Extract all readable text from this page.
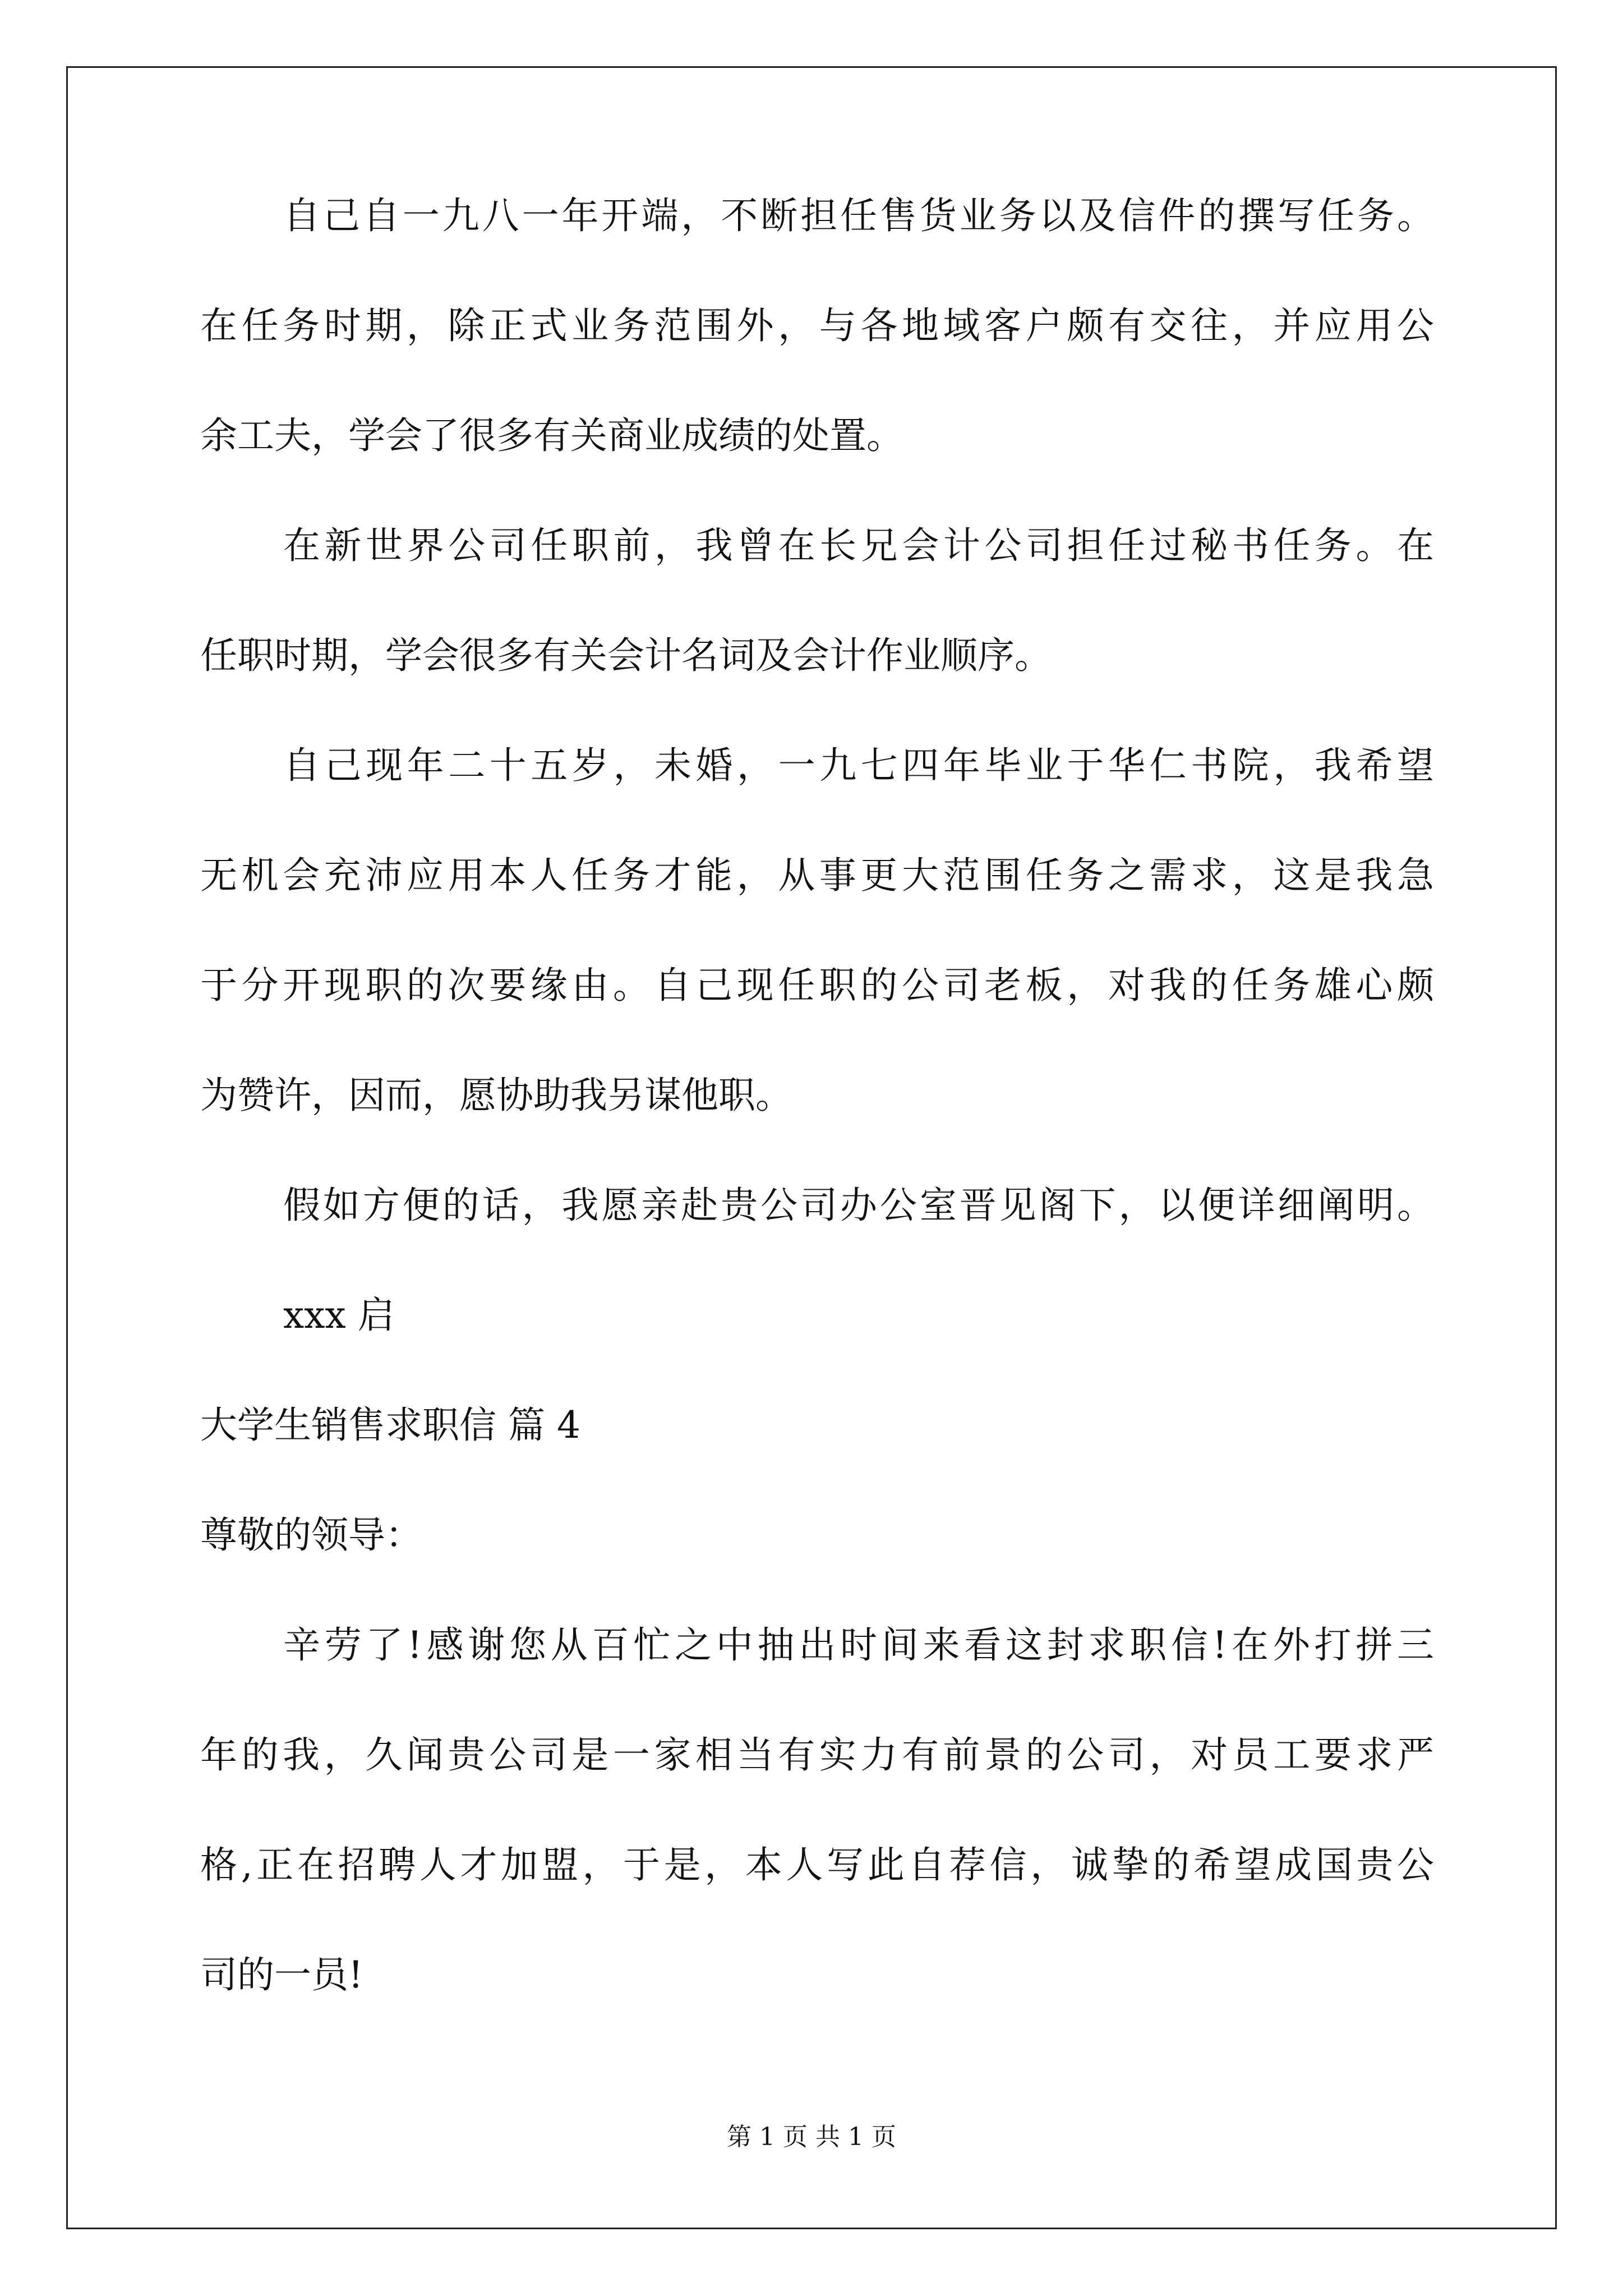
自己自一九八一年开端，不断担任售货业务以及信件的撰写任务。
在任务时期，除正式业务范围外，与各地域客户颇有交往，并应用公
余工夫，学会了很多有关商业成绩的处置。
在新世界公司任职前，我曾在长兄会计公司担任过秘书任务。在
任职时期，学会很多有关会计名词及会计作业顺序。
自己现年二十五岁，未婚，一九七四年毕业于华仁书院，我希望
无机会充沛应用本人任务才能，从事更大范围任务之需求，这是我急
于分开现职的次要缘由。自己现任职的公司老板，对我的任务雄心颇
为赞许，因而，愿协助我另谋他职。
假如方便的话，我愿亲赴贵公司办公室晋见阁下，以便详细阐明。
xxx 启
大学生销售求职信 篇 4
尊敬的领导：
辛劳了!感谢您从百忙之中抽出时间来看这封求职信!在外打拼三
年的我，久闻贵公司是一家相当有实力有前景的公司，对员工要求严
格,正在招聘人才加盟，于是，本人写此自荐信，诚挚的希望成国贵公
司的一员!
第 1 页 共 1 页
